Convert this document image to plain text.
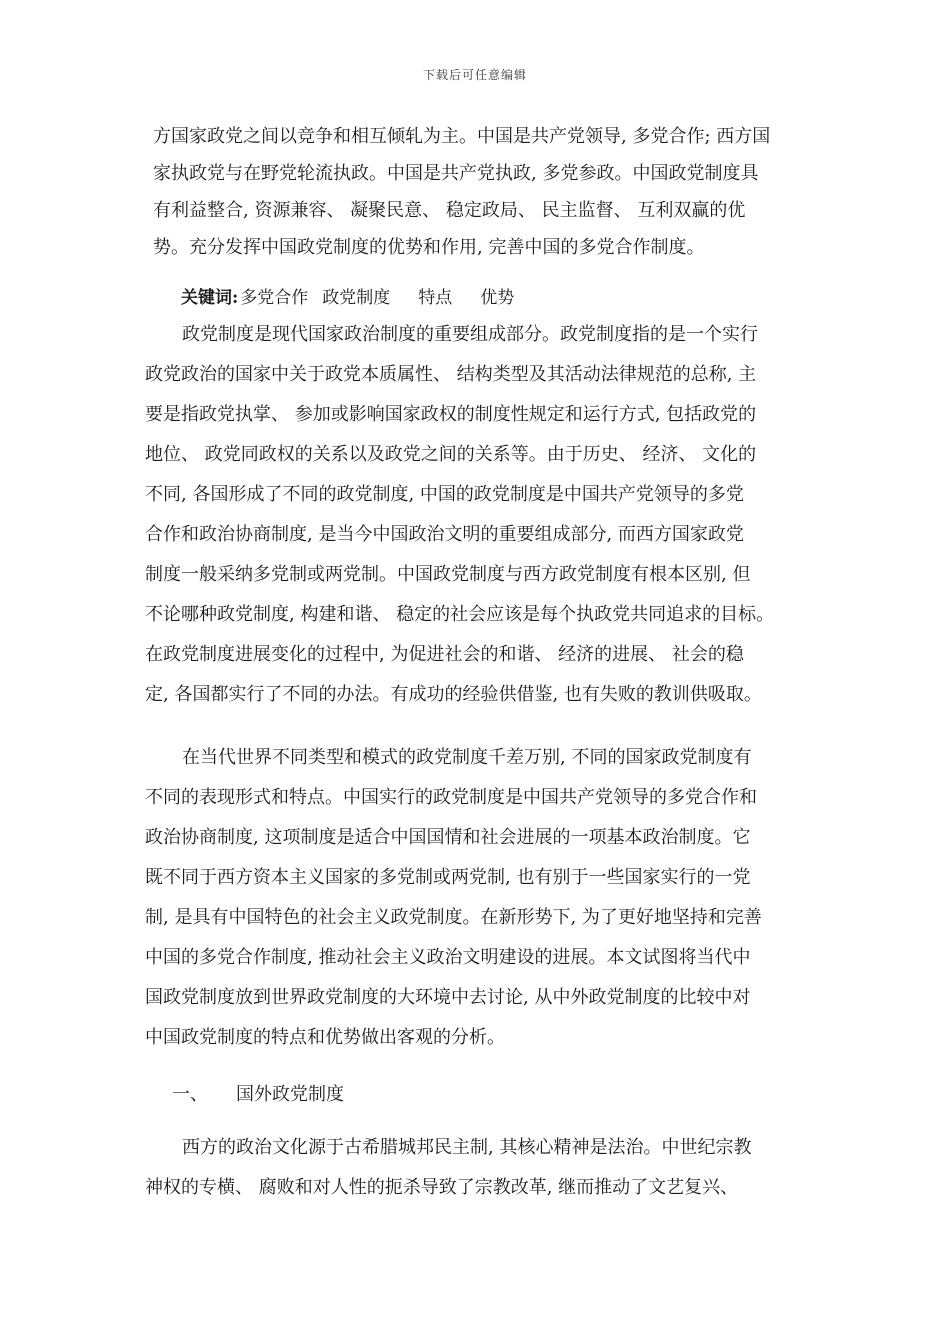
下载后可任意编辑
方国家政党之间以竞争和相互倾轧为主。中国是共产党领导, 多党合作; 西方国
家执政党与在野党轮流执政。中国是共产党执政, 多党参政。中国政党制度具
有利益整合, 资源兼容、 凝聚民意、 稳定政局、 民主监督、 互利双赢的优
势。充分发挥中国政党制度的优势和作用, 完善中国的多党合作制度。
关键词: 多党合作 政党制度 特点 优势
政党制度是现代国家政治制度的重要组成部分。政党制度指的是一个实行
政党政治的国家中关于政党本质属性、 结构类型及其活动法律规范的总称, 主
要是指政党执掌、 参加或影响国家政权的制度性规定和运行方式, 包括政党的
地位、 政党同政权的关系以及政党之间的关系等。由于历史、 经济、 文化的
不同, 各国形成了不同的政党制度, 中国的政党制度是中国共产党领导的多党
合作和政治协商制度, 是当今中国政治文明的重要组成部分, 而西方国家政党
制度一般采纳多党制或两党制。中国政党制度与西方政党制度有根本区别, 但
不论哪种政党制度, 构建和谐、 稳定的社会应该是每个执政党共同追求的目标。
在政党制度进展变化的过程中, 为促进社会的和谐、 经济的进展、 社会的稳
定, 各国都实行了不同的办法。有成功的经验供借鉴, 也有失败的教训供吸取。
在当代世界不同类型和模式的政党制度千差万别, 不同的国家政党制度有
不同的表现形式和特点。中国实行的政党制度是中国共产党领导的多党合作和
政治协商制度, 这项制度是适合中国国情和社会进展的一项基本政治制度。它
既不同于西方资本主义国家的多党制或两党制, 也有别于一些国家实行的一党
制, 是具有中国特色的社会主义政党制度。在新形势下, 为了更好地坚持和完善
中国的多党合作制度, 推动社会主义政治文明建设的进展。本文试图将当代中
国政党制度放到世界政党制度的大环境中去讨论, 从中外政党制度的比较中对
中国政党制度的特点和优势做出客观的分析。
一、 国外政党制度
西方的政治文化源于古希腊城邦民主制, 其核心精神是法治。中世纪宗教
神权的专横、 腐败和对人性的扼杀导致了宗教改革, 继而推动了文艺复兴、
